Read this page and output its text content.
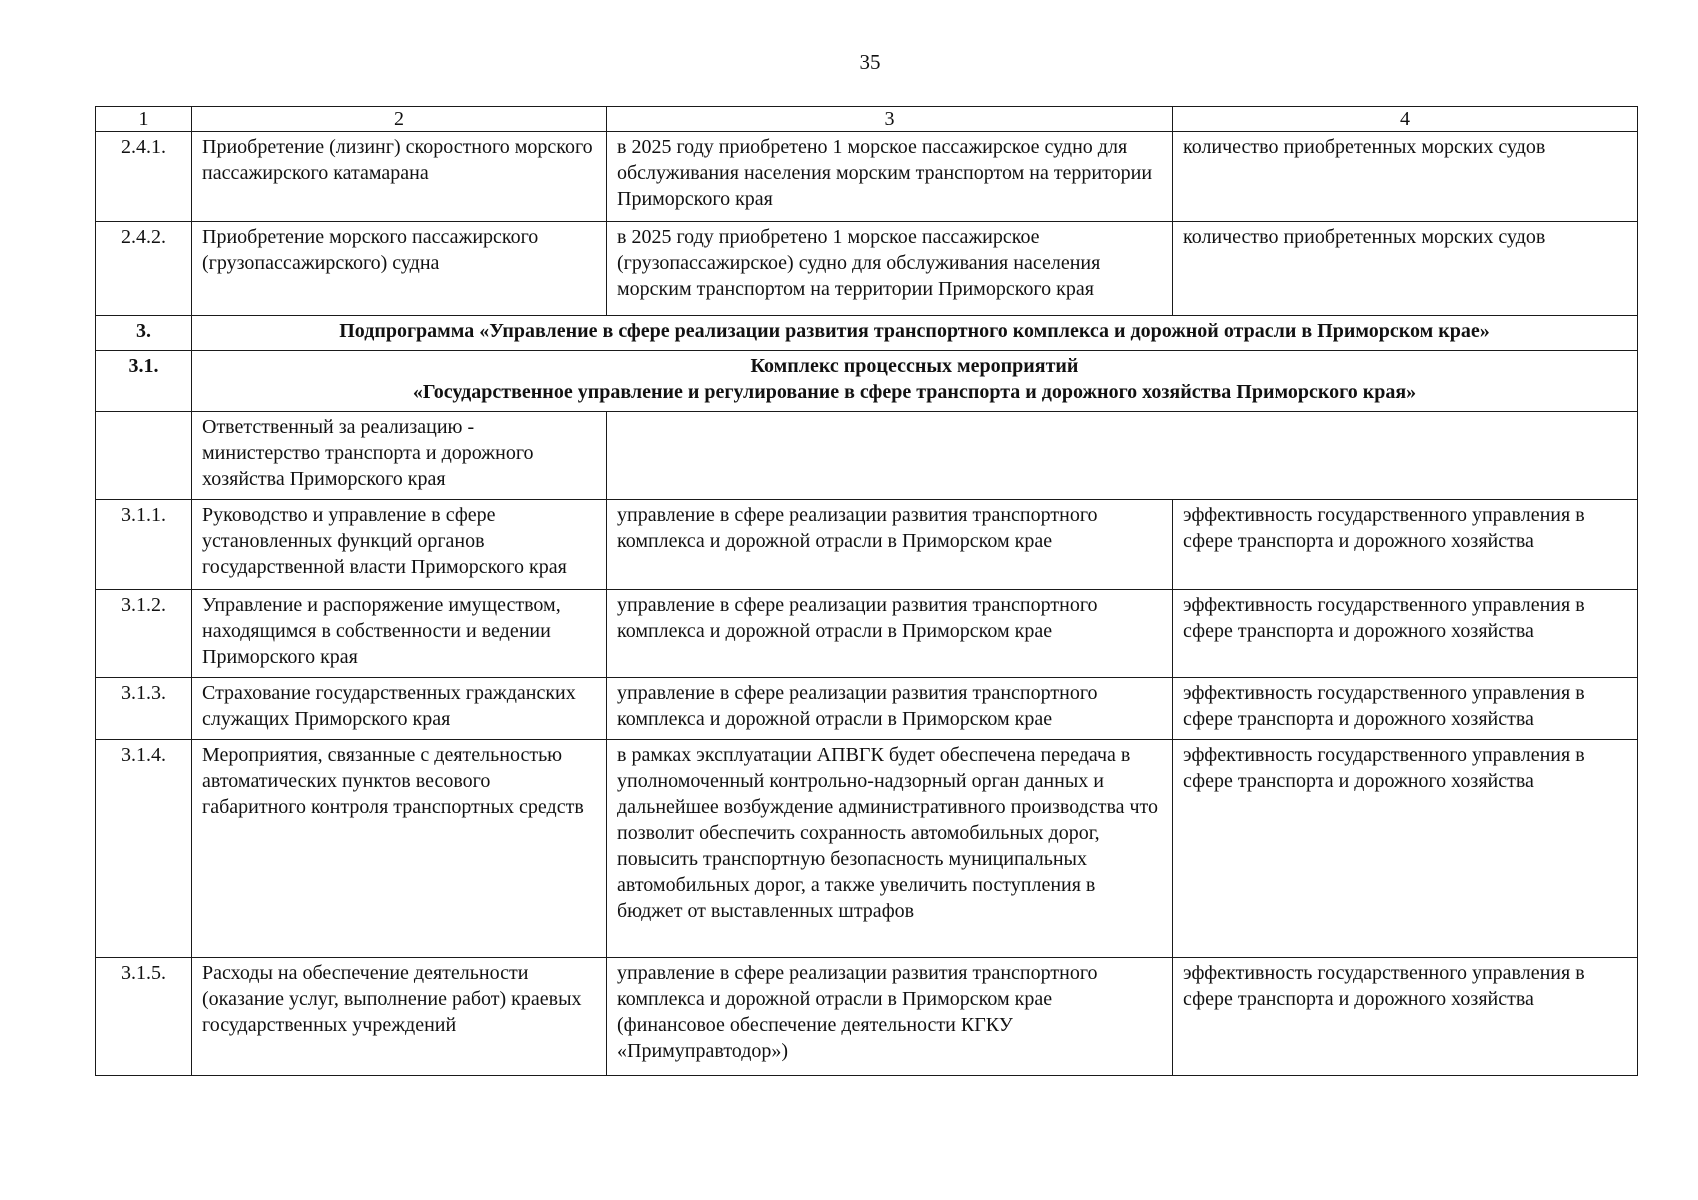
35
1	2	3	4
2.4.1.	Приобретение (лизинг) скоростного морского пассажирского катамарана	в 2025 году приобретено 1 морское пассажирское судно для обслуживания населения морским транспортом на территории Приморского края	количество приобретенных морских судов
2.4.2.	Приобретение морского пассажирского (грузопассажирского) судна	в 2025 году приобретено 1 морское пассажирское (грузопассажирское) судно для обслуживания населения морским транспортом на территории Приморского края	количество приобретенных морских судов
3.	Подпрограмма «Управление в сфере реализации развития транспортного комплекса и дорожной отрасли в Приморском крае»		
3.1.	Комплекс процессных мероприятий
«Государственное управление и регулирование в сфере транспорта и дорожного хозяйства Приморского края»		

	Ответственный за реализацию - министерство транспорта и дорожного хозяйства Приморского края		
3.1.1.	Руководство и управление в сфере установленных функций органов государственной власти Приморского края	управление в сфере реализации развития транспортного комплекса и дорожной отрасли в Приморском крае	эффективность государственного управления в сфере транспорта и дорожного хозяйства
3.1.2.	Управление и распоряжение имуществом, находящимся в собственности и ведении Приморского края	управление в сфере реализации развития транспортного комплекса и дорожной отрасли в Приморском крае	эффективность государственного управления в сфере транспорта и дорожного хозяйства
3.1.3.	Страхование государственных гражданских служащих Приморского края	управление в сфере реализации развития транспортного комплекса и дорожной отрасли в Приморском крае	эффективность государственного управления в сфере транспорта и дорожного хозяйства
3.1.4.	Мероприятия, связанные с деятельностью автоматических пунктов весового габаритного контроля транспортных средств	в рамках эксплуатации АПВГК будет обеспечена передача в уполномоченный контрольно-надзорный орган данных и дальнейшее возбуждение административного производства что позволит обеспечить сохранность автомобильных дорог, повысить транспортную безопасность муниципальных автомобильных дорог, а также увеличить поступления в бюджет от выставленных штрафов	эффективность государственного управления в сфере транспорта и дорожного хозяйства
3.1.5.	Расходы на обеспечение деятельности (оказание услуг, выполнение работ) краевых государственных учреждений	управление в сфере реализации развития транспортного комплекса и дорожной отрасли в Приморском крае (финансовое обеспечение деятельности КГКУ «Примуправтодор»)	эффективность государственного управления в сфере транспорта и дорожного хозяйства
